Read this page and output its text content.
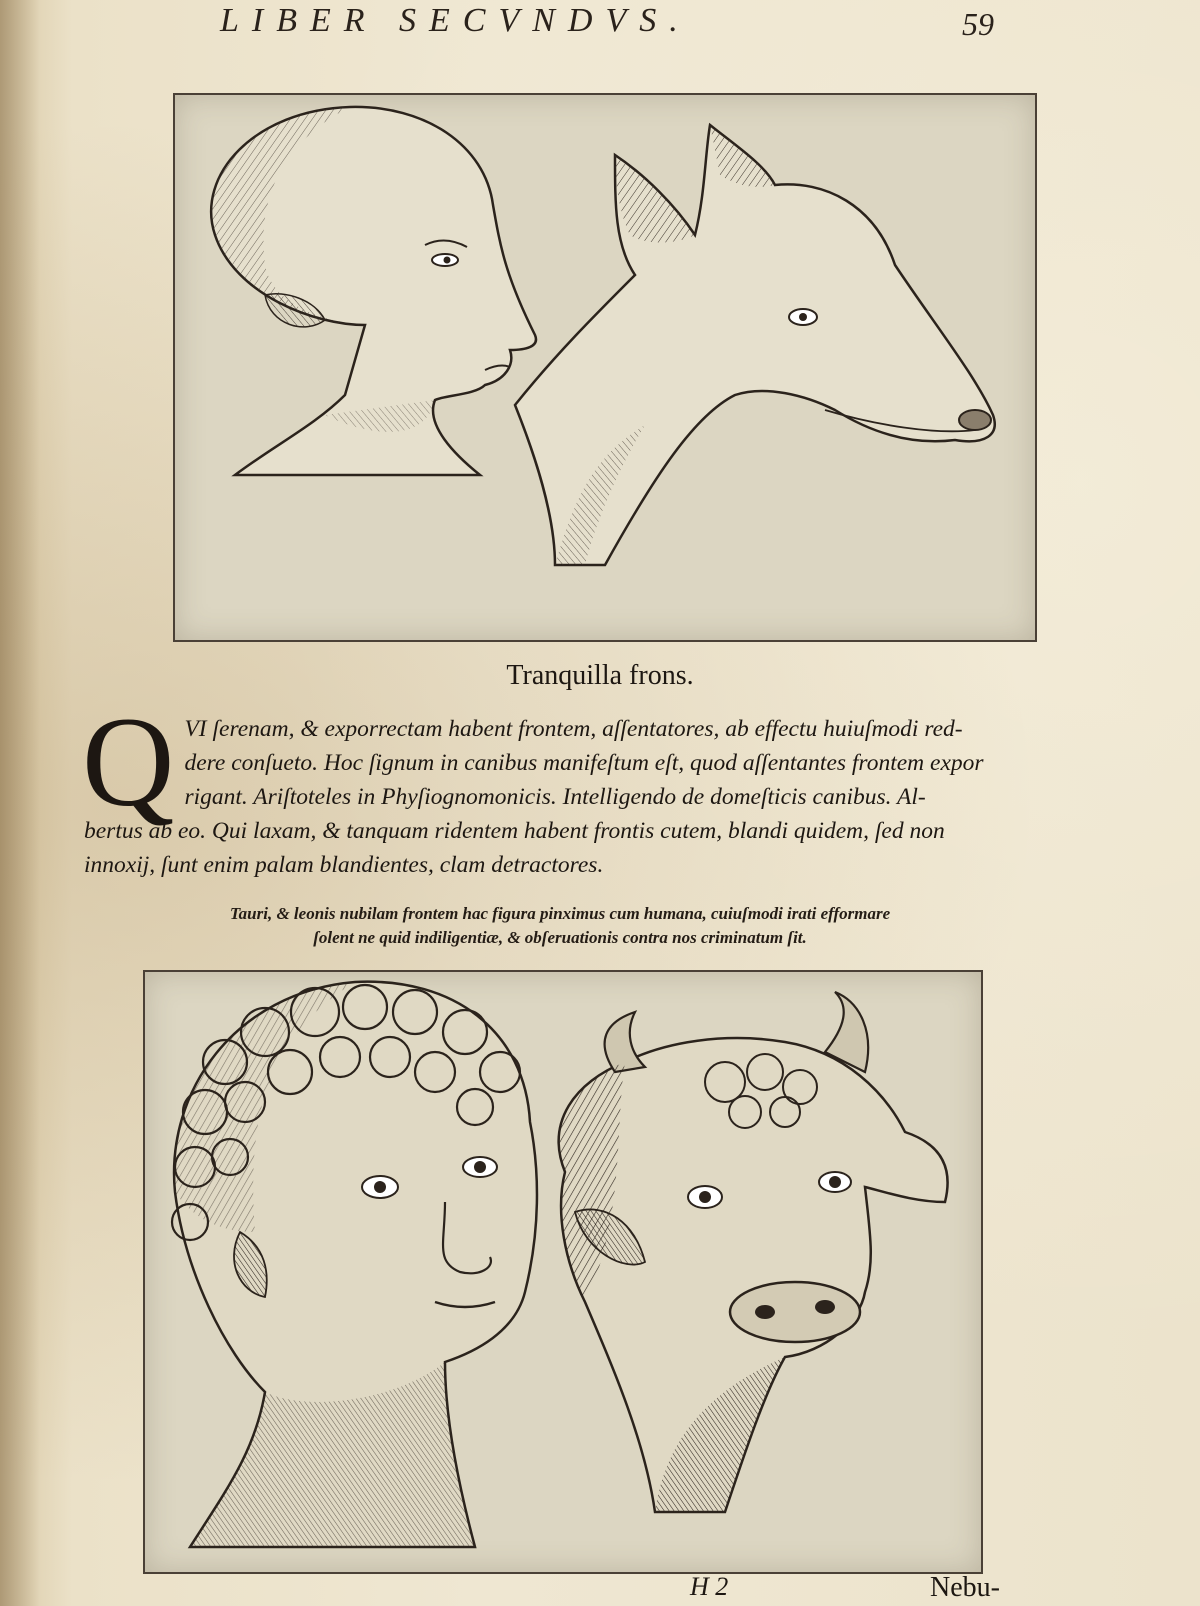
LIBER SECVNDVS.	59
Tranquilla frons.
Q VI ſerenam, & exporrectam habent frontem, aſſentatores, ab effectu huiuſmodi red-
dere conſueto. Hoc ſignum in canibus manifeſtum eſt, quod aſſentantes frontem expor
rigant. Ariſtoteles in Phyſiognomonicis. Intelligendo de domeſticis canibus. Al-
bertus ab eo. Qui laxam, & tanquam ridentem habent frontis cutem, blandi quidem, ſed non
innoxij, ſunt enim palam blandientes, clam detractores.
Tauri, & leonis nubilam frontem hac figura pinximus cum humana, cuiuſmodi irati efformare
ſolent ne quid indiligentiæ, & obſeruationis contra nos criminatum ſit.
H 2	Nebu-
